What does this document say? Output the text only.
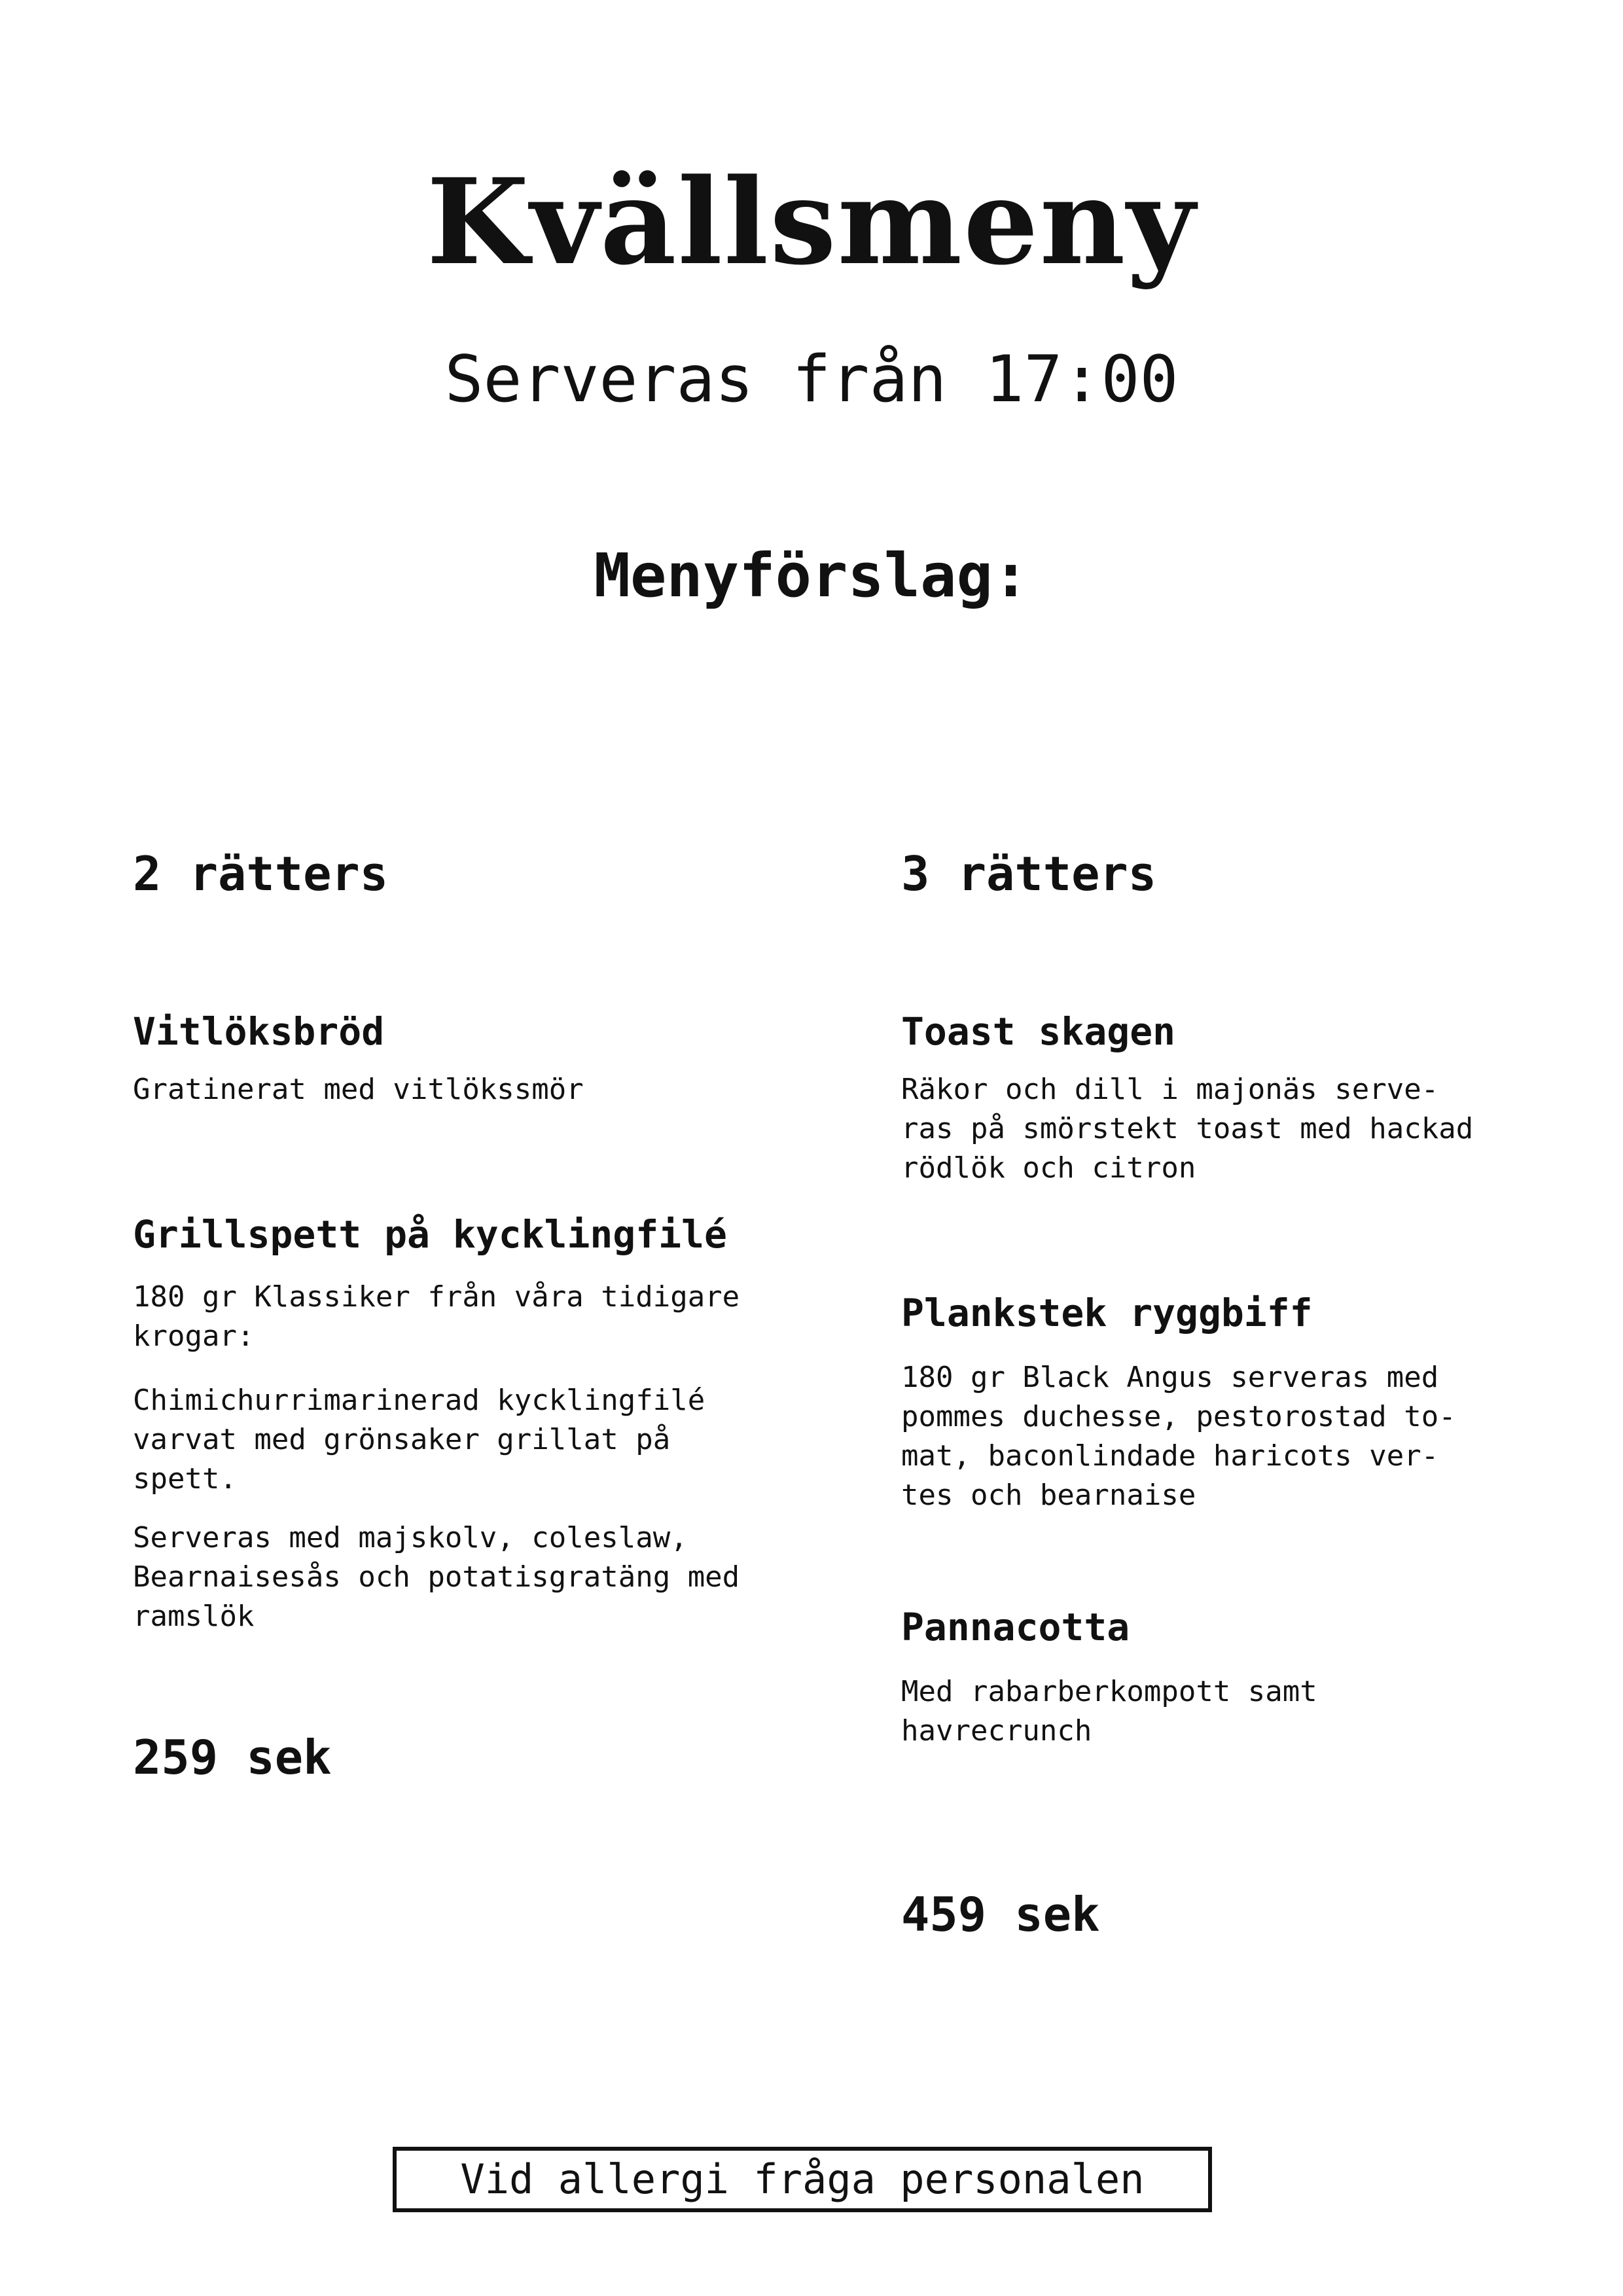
Kvällsmeny
Serveras från 17:00
Menyförslag:
2 rätters
Vitlöksbröd
Gratinerat med vitlökssmör
Grillspett på kycklingfilé
180 gr Klassiker från våra tidigare krogar:
Chimichurrimarinerad kycklingfilé varvat med grönsaker grillat på spett.
Serveras med majskolv, coleslaw, Bearnaisesås och potatisgratäng med ramslök
259 sek
3 rätters
Toast skagen
Räkor och dill i majonäs serve-ras på smörstekt toast med hackad rödlök och citron
Plankstek ryggbiff
180 gr Black Angus serveras med pommes duchesse, pestorostad to-mat, baconlindade haricots ver-tes och bearnaise
Pannacotta
Med rabarberkompott samt havrecrunch
459 sek
Vid allergi fråga personalen
